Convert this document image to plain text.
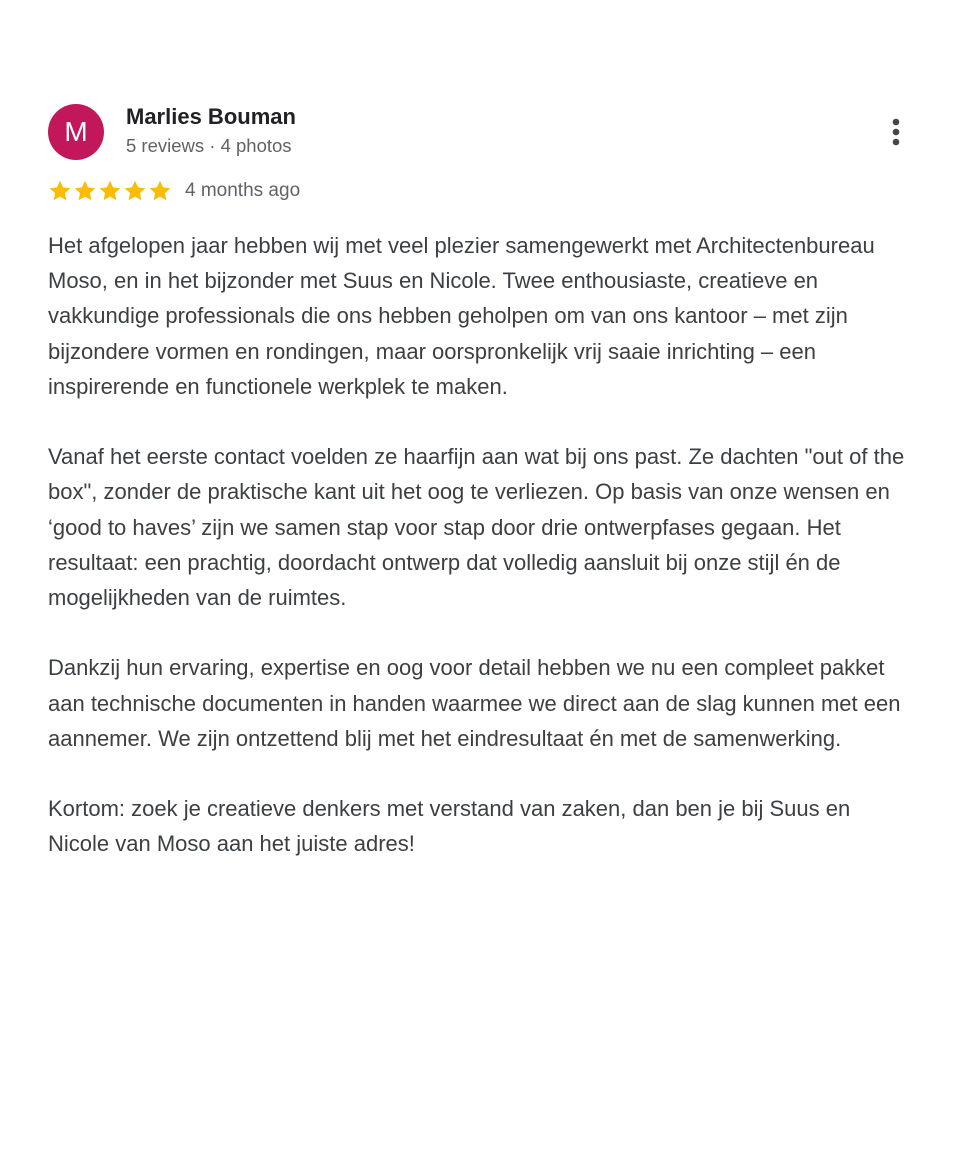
M	Marlies Bouman
5 reviews · 4 photos
4 months ago

Het afgelopen jaar hebben wij met veel plezier samengewerkt met Architectenbureau Moso, en in het bijzonder met Suus en Nicole. Twee enthousiaste, creatieve en vakkundige professionals die ons hebben geholpen om van ons kantoor – met zijn bijzondere vormen en rondingen, maar oorspronkelijk vrij saaie inrichting – een inspirerende en functionele werkplek te maken.

Vanaf het eerste contact voelden ze haarfijn aan wat bij ons past. Ze dachten "out of the box", zonder de praktische kant uit het oog te verliezen. Op basis van onze wensen en ‘good to haves’ zijn we samen stap voor stap door drie ontwerpfases gegaan. Het resultaat: een prachtig, doordacht ontwerp dat volledig aansluit bij onze stijl én de mogelijkheden van de ruimtes.

Dankzij hun ervaring, expertise en oog voor detail hebben we nu een compleet pakket aan technische documenten in handen waarmee we direct aan de slag kunnen met een aannemer. We zijn ontzettend blij met het eindresultaat én met de samenwerking.

Kortom: zoek je creatieve denkers met verstand van zaken, dan ben je bij Suus en Nicole van Moso aan het juiste adres!
